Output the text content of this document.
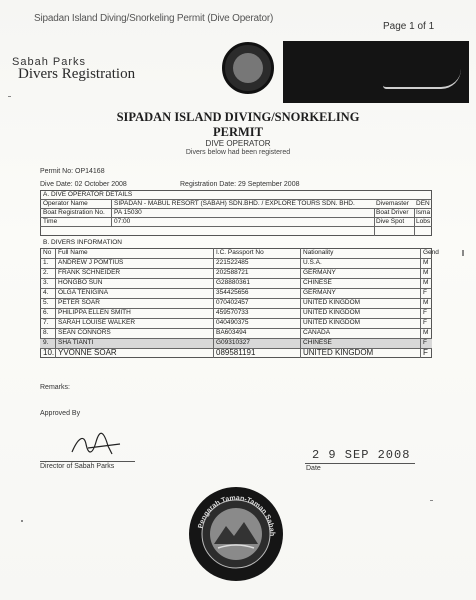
Sipadan Island Diving/Snorkeling Permit (Dive Operator)
Page 1 of 1
Sabah Parks
Divers Registration
SIPADAN ISLAND DIVING/SNORKELING
PERMIT
DIVE OPERATOR
Divers below had been registered
Permit No: OP14168
Dive Date: 02 October 2008	Registration Date: 29 September 2008
A. DIVE OPERATOR DETAILS
Operator Name	SIPADAN - MABUL RESORT (SABAH) SDN.BHD. / EXPLORE TOURS SDN. BHD.	Divemaster	DEN
Boat Registration No.	PA 15030	Boat Driver	Isma
Time	07:00	Dive Spot	Lobs
B. DIVERS INFORMATION
No	Full Name	I.C. Passport No	Nationality	Gend
1.	ANDREW J POMTIUS	221522485	U.S.A.	M
2.	FRANK SCHNEIDER	202588721	GERMANY	M
3.	HONGBO SUN	G28880361	CHINESE	M
4.	OLGA TENIGINA	354425656	GERMANY	F
5.	PETER SOAR	070402457	UNITED KINGDOM	M
6.	PHILIPPA ELLEN SMITH	459570733	UNITED KINGDOM	F
7.	SARAH LOUISE WALKER	040490375	UNITED KINGDOM	F
8.	SEAN CONNORS	BA603494	CANADA	M
9.	SHA TIANTI	G09310327	CHINESE	F
10. YVONNE SOAR	089581191	UNITED KINGDOM	F
Remarks:
Approved By
Director of Sabah Parks
2 9 SEP 2008
Date
Pengarah Taman-Taman Sabah
